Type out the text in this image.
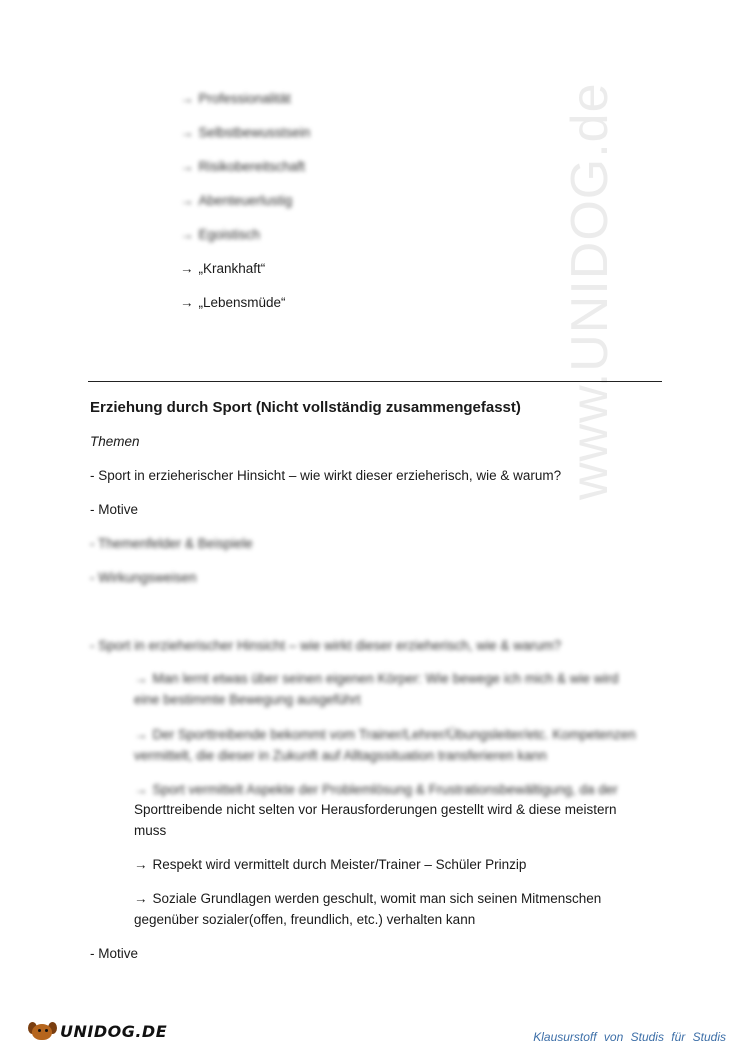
www.UNIDOG.de
→ Professionalität
→ Selbstbewusstsein
→ Risikobereitschaft
→ Abenteuerlustig
→ Egoistisch
→ „Krankhaft“
→ „Lebensmüde“
Erziehung durch Sport (Nicht vollständig zusammengefasst)
Themen
- Sport in erzieherischer Hinsicht – wie wirkt dieser erzieherisch, wie & warum?
- Motive
- Themenfelder & Beispiele
- Wirkungsweisen
- Sport in erzieherischer Hinsicht – wie wirkt dieser erzieherisch, wie & warum?
→ Man lernt etwas über seinen eigenen Körper: Wie bewege ich mich & wie wird
eine bestimmte Bewegung ausgeführt
→ Der Sporttreibende bekommt vom Trainer/Lehrer/Übungsleiter/etc. Kompetenzen
vermittelt, die dieser in Zukunft auf Alltagssituation transferieren kann
→ Sport vermittelt Aspekte der Problemlösung & Frustrationsbewältigung, da der
Sporttreibende nicht selten vor Herausforderungen gestellt wird & diese meistern
muss
→ Respekt wird vermittelt durch Meister/Trainer – Schüler Prinzip
→ Soziale Grundlagen werden geschult, womit man sich seinen Mitmenschen
gegenüber sozialer(offen, freundlich, etc.) verhalten kann
- Motive
UNIDOG.DE	Klausurstoff von Studis für Studis
